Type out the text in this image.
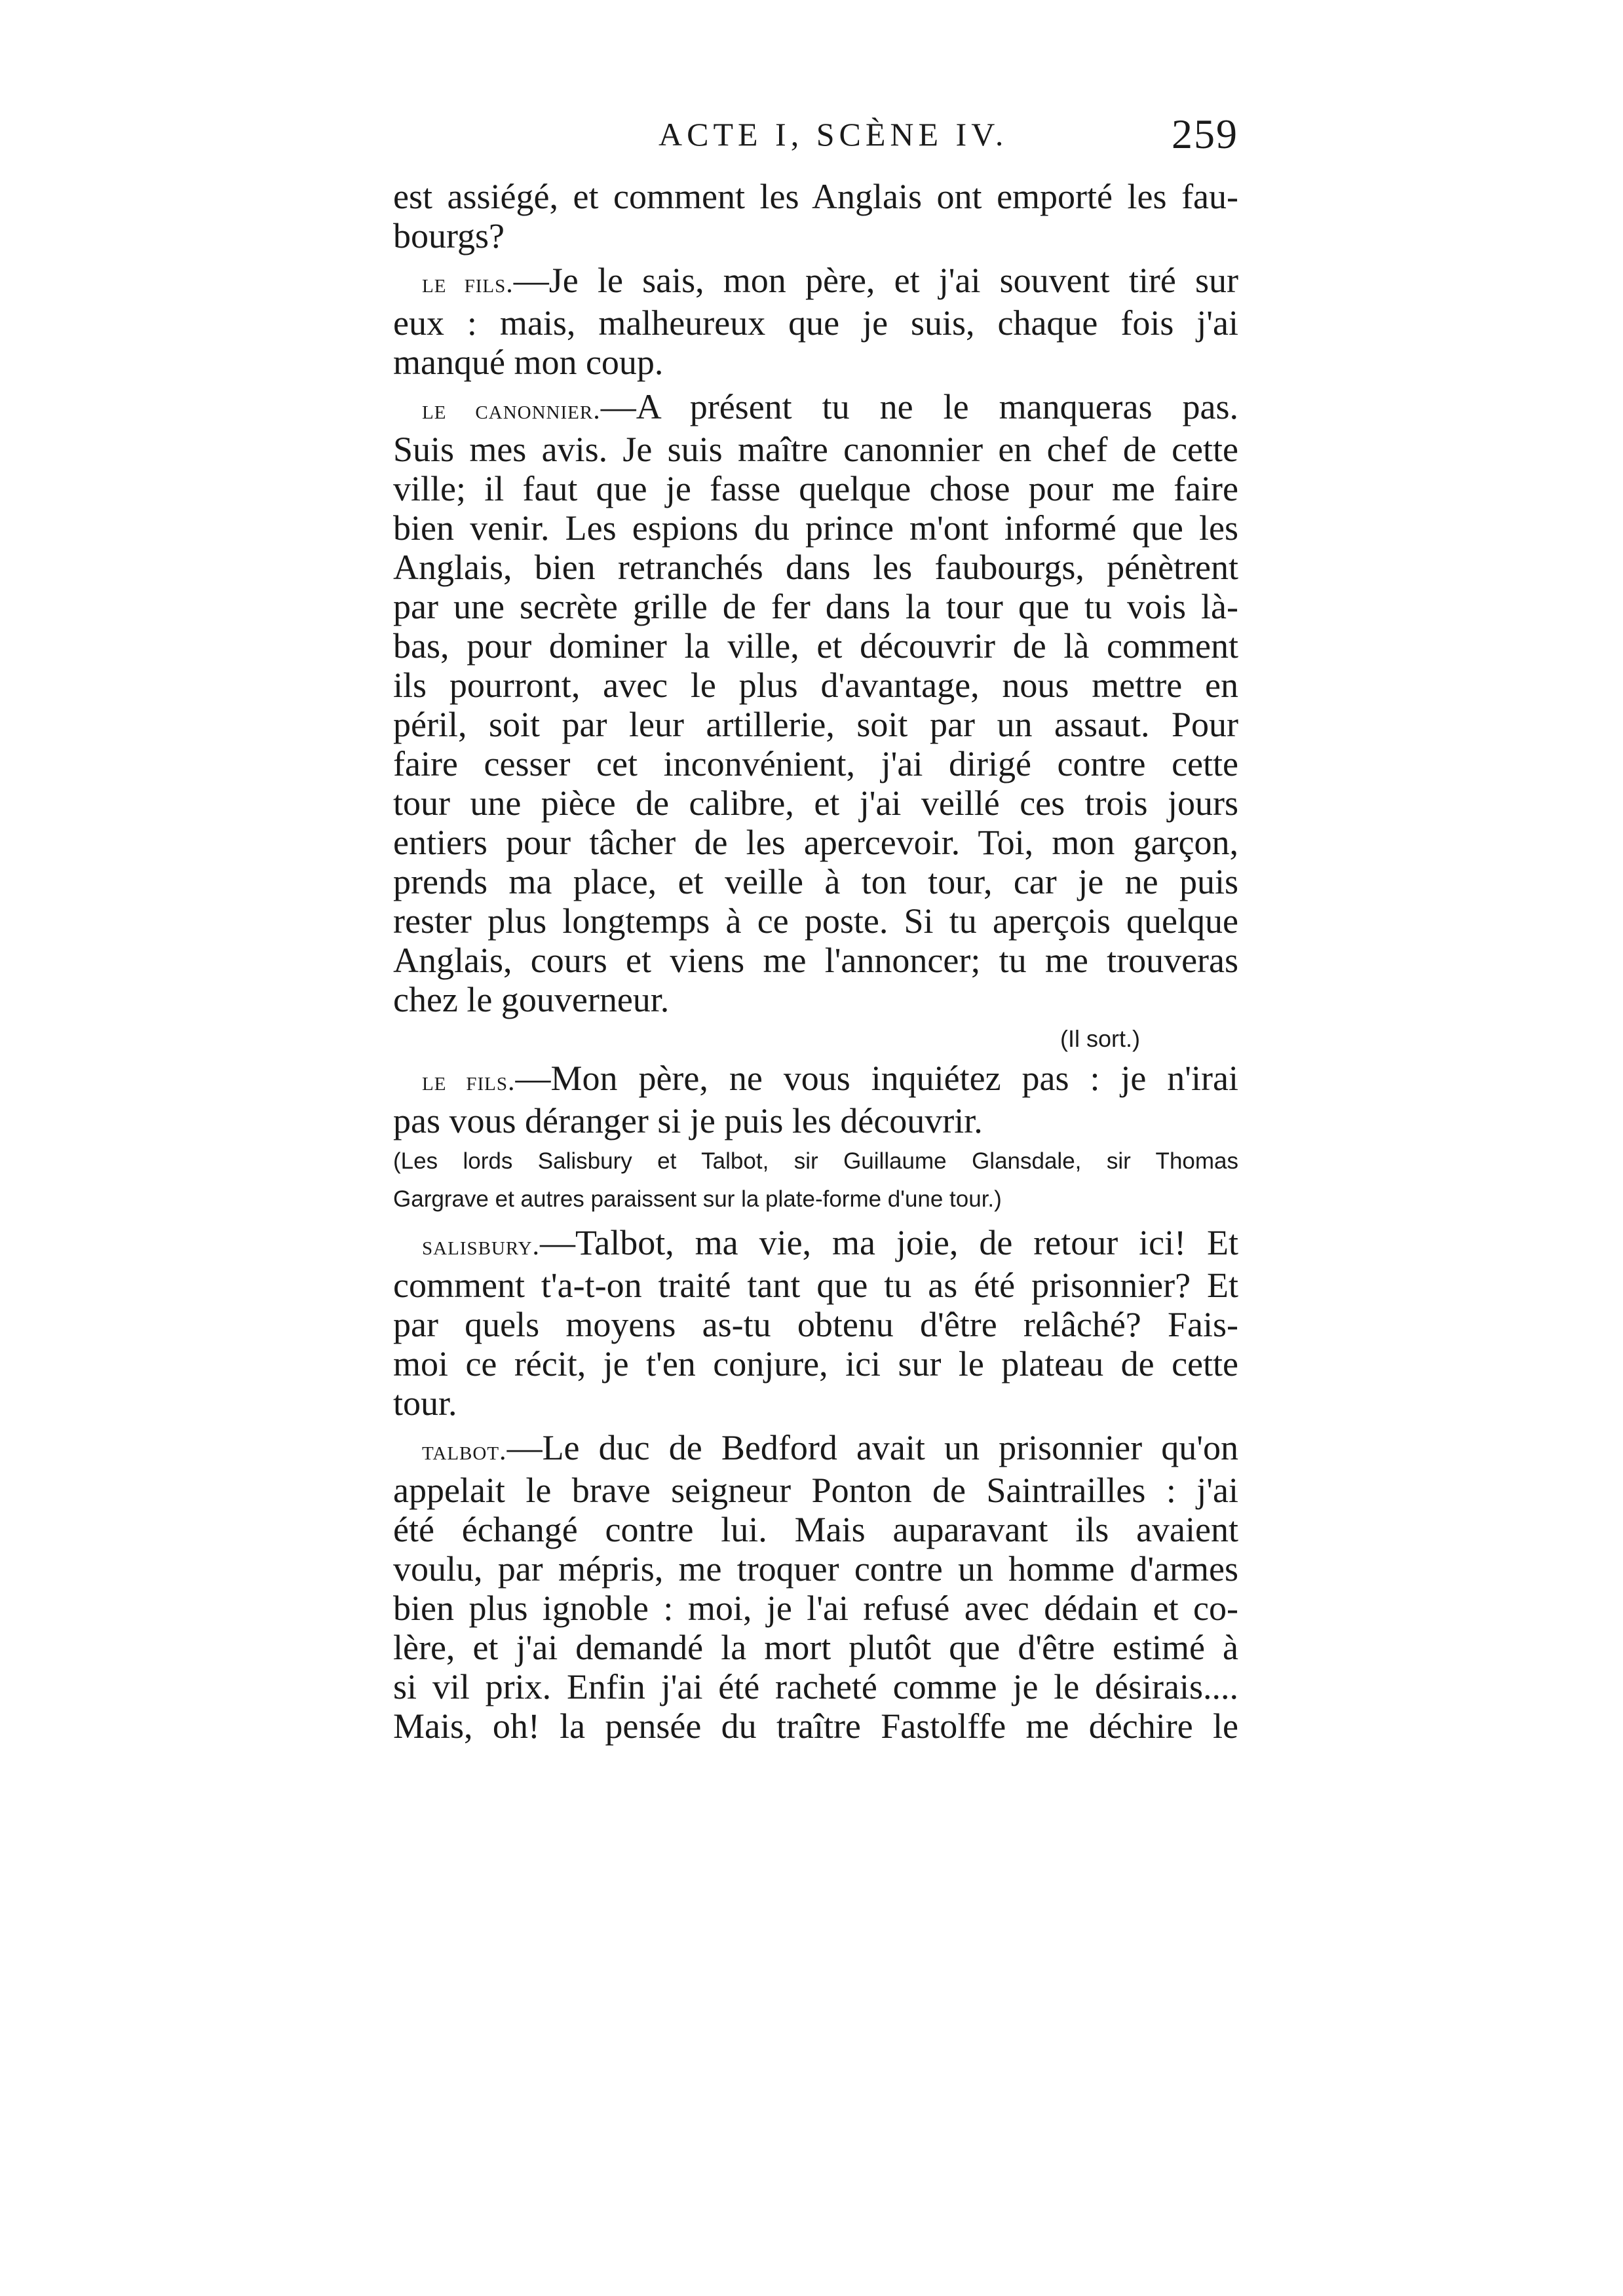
ACTE I, SCÈNE IV.	259
est assiégé, et comment les Anglais ont emporté les fau-
bourgs?
le fils.—Je le sais, mon père, et j'ai souvent tiré sur
eux : mais, malheureux que je suis, chaque fois j'ai
manqué mon coup.
le canonnier.—A présent tu ne le manqueras pas.
Suis mes avis. Je suis maître canonnier en chef de cette
ville; il faut que je fasse quelque chose pour me faire
bien venir. Les espions du prince m'ont informé que les
Anglais, bien retranchés dans les faubourgs, pénètrent
par une secrète grille de fer dans la tour que tu vois là-
bas, pour dominer la ville, et découvrir de là comment
ils pourront, avec le plus d'avantage, nous mettre en
péril, soit par leur artillerie, soit par un assaut. Pour
faire cesser cet inconvénient, j'ai dirigé contre cette
tour une pièce de calibre, et j'ai veillé ces trois jours
entiers pour tâcher de les apercevoir. Toi, mon garçon,
prends ma place, et veille à ton tour, car je ne puis
rester plus longtemps à ce poste. Si tu aperçois quelque
Anglais, cours et viens me l'annoncer; tu me trouveras
chez le gouverneur.
(Il sort.)
le fils.—Mon père, ne vous inquiétez pas : je n'irai
pas vous déranger si je puis les découvrir.
(Les lords Salisbury et Talbot, sir Guillaume Glansdale, sir Thomas
Gargrave et autres paraissent sur la plate-forme d'une tour.)
salisbury.—Talbot, ma vie, ma joie, de retour ici! Et
comment t'a-t-on traité tant que tu as été prisonnier? Et
par quels moyens as-tu obtenu d'être relâché? Fais-
moi ce récit, je t'en conjure, ici sur le plateau de cette
tour.
talbot.—Le duc de Bedford avait un prisonnier qu'on
appelait le brave seigneur Ponton de Saintrailles : j'ai
été échangé contre lui. Mais auparavant ils avaient
voulu, par mépris, me troquer contre un homme d'armes
bien plus ignoble : moi, je l'ai refusé avec dédain et co-
lère, et j'ai demandé la mort plutôt que d'être estimé à
si vil prix. Enfin j'ai été racheté comme je le désirais....
Mais, oh! la pensée du traître Fastolffe me déchire le
